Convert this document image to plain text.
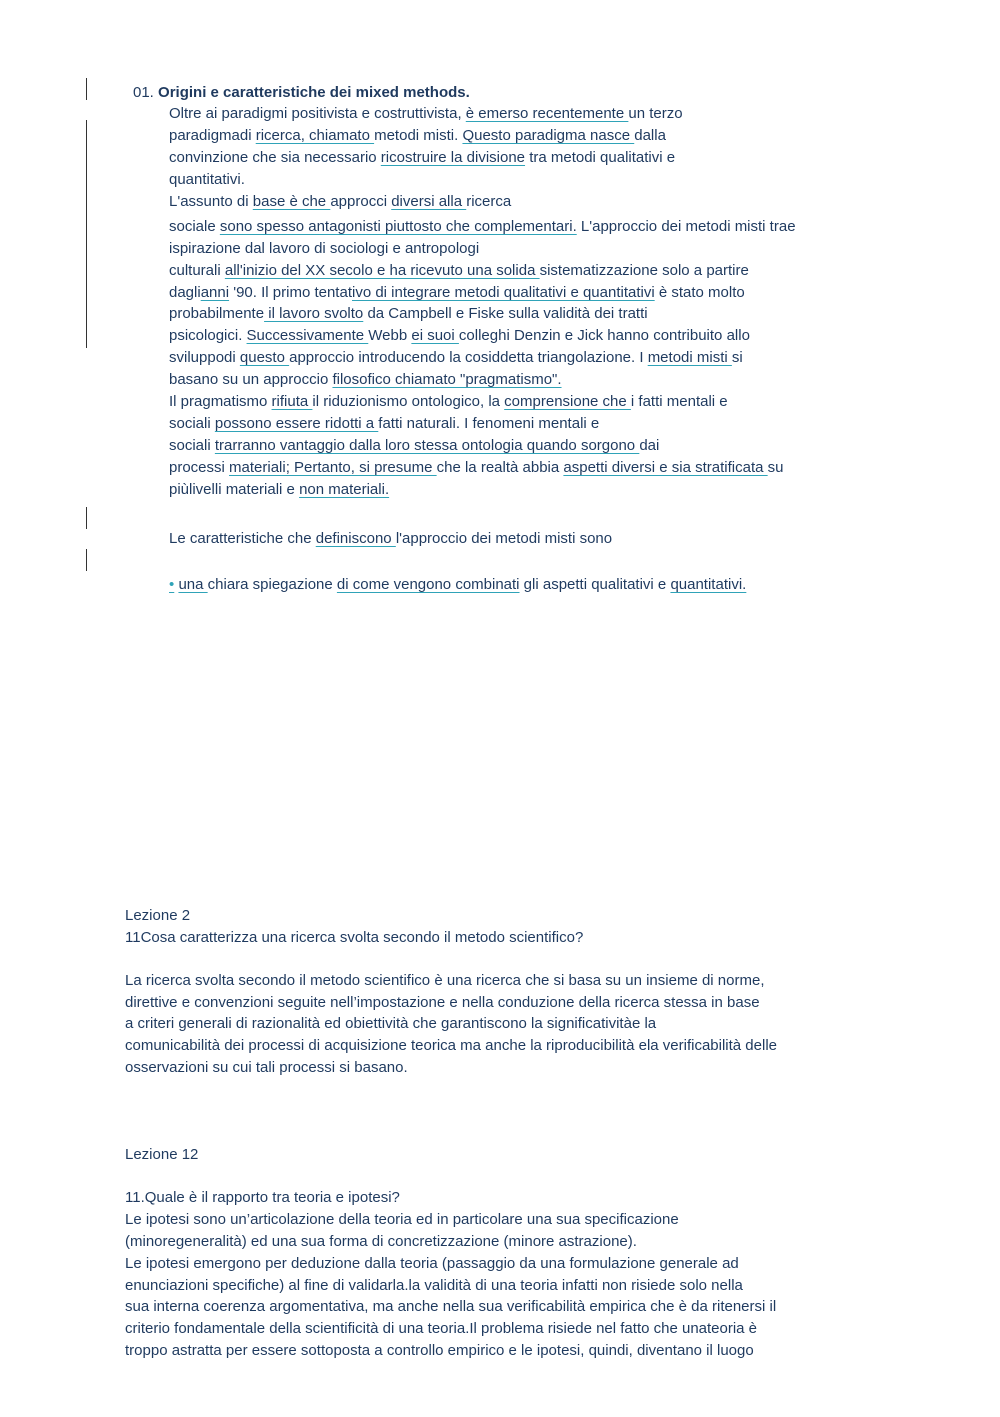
01. Origini e caratteristiche dei mixed methods.
Oltre ai paradigmi positivista e costruttivista, è emerso recentemente un terzo
paradigmadi ricerca, chiamato metodi misti. Questo paradigma nasce dalla
convinzione che sia necessario ricostruire la divisione tra metodi qualitativi e
quantitativi.
L'assunto di base è che approcci diversi alla ricerca
sociale sono spesso antagonisti piuttosto che complementari. L'approccio dei metodi misti trae
ispirazione dal lavoro di sociologi e antropologi
culturali all'inizio del XX secolo e ha ricevuto una solida sistematizzazione solo a partire
daglianni '90. Il primo tentativo di integrare metodi qualitativi e quantitativi è stato molto
probabilmente il lavoro svolto da Campbell e Fiske sulla validità dei tratti
psicologici. Successivamente Webb ei suoi colleghi Denzin e Jick hanno contribuito allo
sviluppodi questo approccio introducendo la cosiddetta triangolazione. I metodi misti si
basano su un approccio filosofico chiamato "pragmatismo".
Il pragmatismo rifiuta il riduzionismo ontologico, la comprensione che i fatti mentali e
sociali possono essere ridotti a fatti naturali. I fenomeni mentali e
sociali trarranno vantaggio dalla loro stessa ontologia quando sorgono dai
processi materiali; Pertanto, si presume che la realtà abbia aspetti diversi e sia stratificata su
piùlivelli materiali e non materiali.
Le caratteristiche che definiscono l'approccio dei metodi misti sono
• una chiara spiegazione di come vengono combinati gli aspetti qualitativi e quantitativi.
Lezione 2
11Cosa caratterizza una ricerca svolta secondo il metodo scientifico?
La ricerca svolta secondo il metodo scientifico è una ricerca che si basa su un insieme di norme,
direttive e convenzioni seguite nell’impostazione e nella conduzione della ricerca stessa in base
a criteri generali di razionalità ed obiettività che garantiscono la significativitàe la
comunicabilità dei processi di acquisizione teorica ma anche la riproducibilità ela verificabilità delle
osservazioni su cui tali processi si basano.
Lezione 12
11.Quale è il rapporto tra teoria e ipotesi?
Le ipotesi sono un’articolazione della teoria ed in particolare una sua specificazione
(minoregeneralità) ed una sua forma di concretizzazione (minore astrazione).
Le ipotesi emergono per deduzione dalla teoria (passaggio da una formulazione generale ad
enunciazioni specifiche) al fine di validarla.la validità di una teoria infatti non risiede solo nella
sua interna coerenza argomentativa, ma anche nella sua verificabilità empirica che è da ritenersi il
criterio fondamentale della scientificità di una teoria.Il problema risiede nel fatto che unateoria è
troppo astratta per essere sottoposta a controllo empirico e le ipotesi, quindi, diventano il luogo
